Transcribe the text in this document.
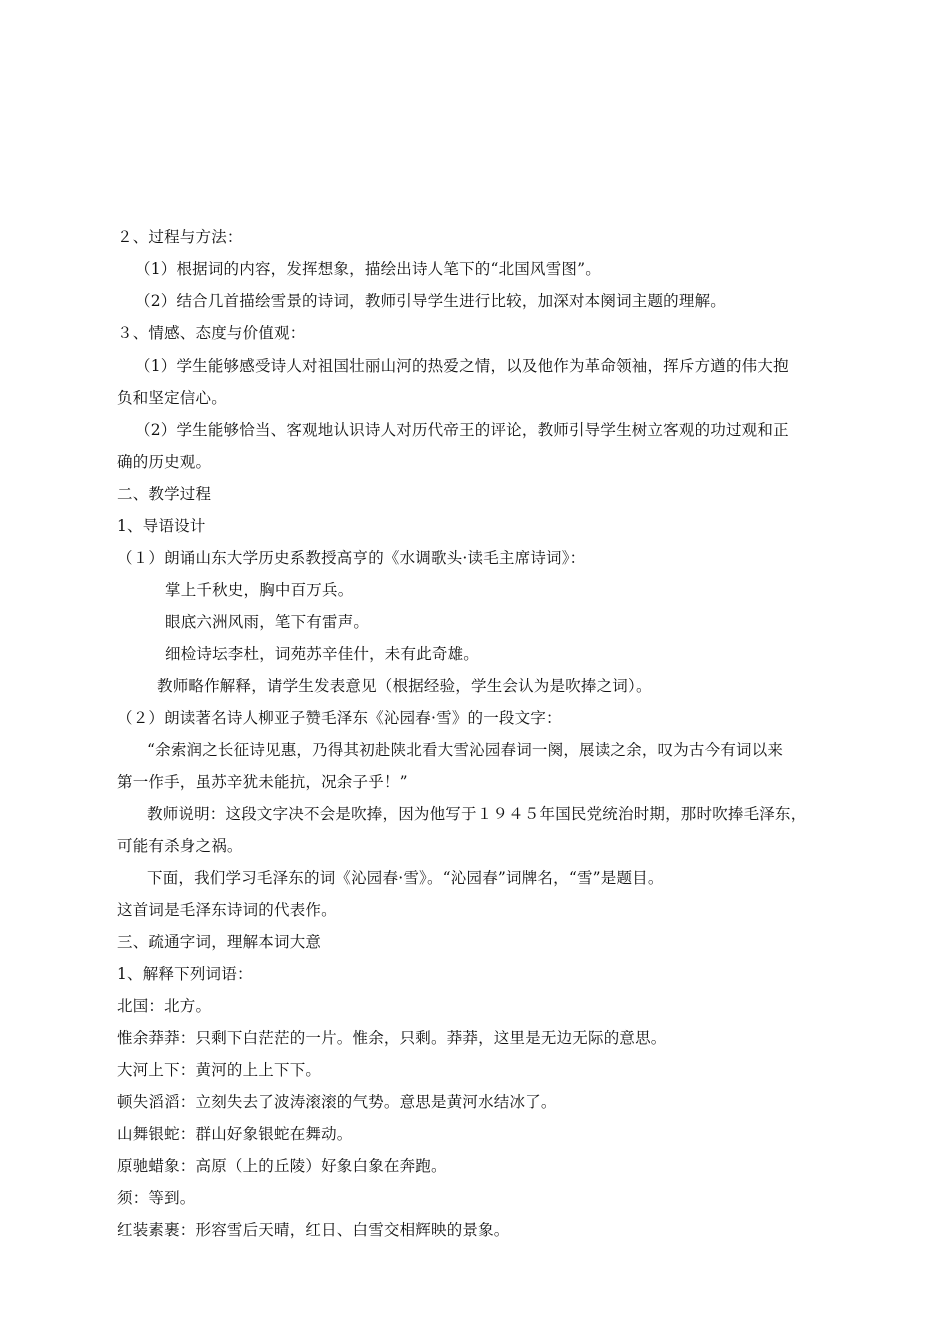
２、过程与方法：
（1）根据词的内容，发挥想象，描绘出诗人笔下的“北国风雪图”。
（2）结合几首描绘雪景的诗词，教师引导学生进行比较，加深对本阕词主题的理解。
３、情感、态度与价值观：
（1）学生能够感受诗人对祖国壮丽山河的热爱之情，以及他作为革命领袖，挥斥方遒的伟大抱
负和坚定信心。
（2）学生能够恰当、客观地认识诗人对历代帝王的评论，教师引导学生树立客观的功过观和正
确的历史观。
二、教学过程
1、导语设计
（１）朗诵山东大学历史系教授高亨的《水调歌头·读毛主席诗词》：
掌上千秋史，胸中百万兵。
眼底六洲风雨，笔下有雷声。
细检诗坛李杜，词苑苏辛佳什，未有此奇雄。
教师略作解释，请学生发表意见（根据经验，学生会认为是吹捧之词）。
（２）朗读著名诗人柳亚子赞毛泽东《沁园春·雪》的一段文字：
“余索润之长征诗见惠，乃得其初赴陕北看大雪沁园春词一阕，展读之余，叹为古今有词以来
第一作手，虽苏辛犹未能抗，况余子乎！”
教师说明：这段文字决不会是吹捧，因为他写于１９４５年国民党统治时期，那时吹捧毛泽东，
可能有杀身之祸。
下面，我们学习毛泽东的词《沁园春·雪》。“沁园春”词牌名，“雪”是题目。
这首词是毛泽东诗词的代表作。
三、疏通字词，理解本词大意
1、解释下列词语：
北国：北方。
惟余莽莽：只剩下白茫茫的一片。惟余，只剩。莽莽，这里是无边无际的意思。
大河上下：黄河的上上下下。
顿失滔滔：立刻失去了波涛滚滚的气势。意思是黄河水结冰了。
山舞银蛇：群山好象银蛇在舞动。
原驰蜡象：高原（上的丘陵）好象白象在奔跑。
须：等到。
红装素裹：形容雪后天晴，红日、白雪交相辉映的景象。
